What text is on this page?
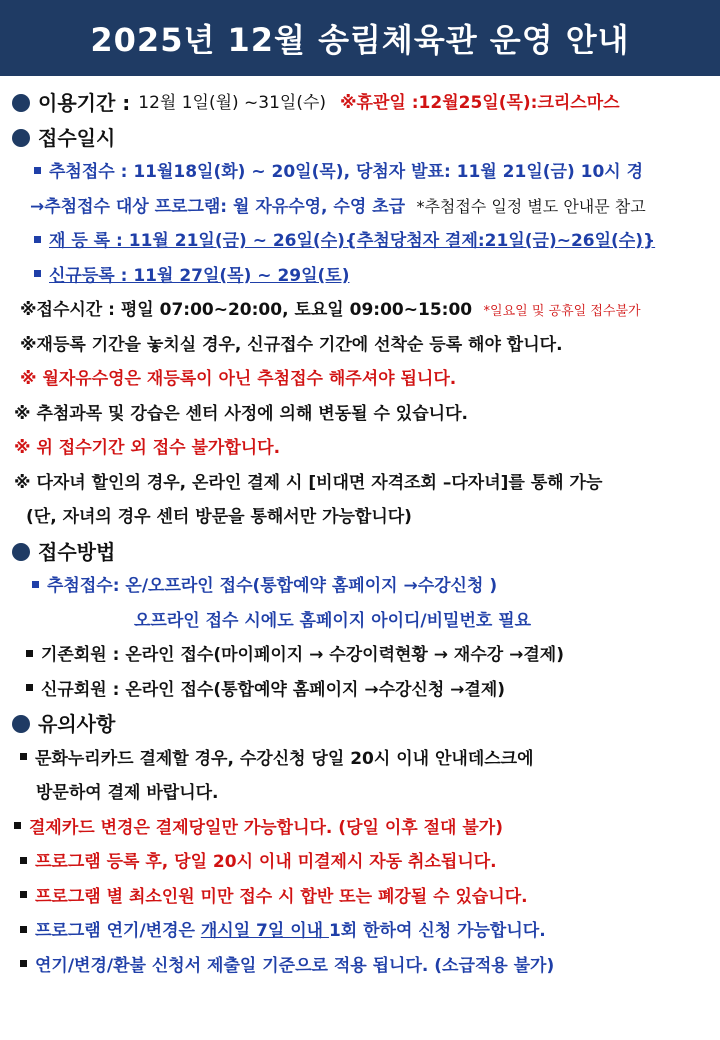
2025년 12월 송림체육관 운영 안내
이용기간 : 12월 1일(월) ~31일(수) ※휴관일 :12월25일(목):크리스마스
접수일시
추첨접수 : 11월18일(화) ~ 20일(목), 당첨자 발표: 11월 21일(금) 10시 경
→추첨접수 대상 프로그램: 월 자유수영, 수영 초급 *추첨접수 일정 별도 안내문 참고
재 등 록 : 11월 21일(금) ~ 26일(수){추첨당첨자 결제:21일(금)~26일(수)}
신규등록 : 11월 27일(목) ~ 29일(토)
※접수시간 : 평일 07:00~20:00, 토요일 09:00~15:00 *일요일 및 공휴일 접수불가
※재등록 기간을 놓치실 경우, 신규접수 기간에 선착순 등록 해야 합니다.
※ 월자유수영은 재등록이 아닌 추첨접수 해주셔야 됩니다.
※ 추첨과목 및 강습은 센터 사정에 의해 변동될 수 있습니다.
※ 위 접수기간 외 접수 불가합니다.
※ 다자녀 할인의 경우, 온라인 결제 시 [비대면 자격조회 –다자녀]를 통해 가능
(단, 자녀의 경우 센터 방문을 통해서만 가능합니다)
접수방법
추첨접수: 온/오프라인 접수(통합예약 홈페이지 →수강신청 )
오프라인 접수 시에도 홈페이지 아이디/비밀번호 필요
기존회원 : 온라인 접수(마이페이지 → 수강이력현황 → 재수강 →결제)
신규회원 : 온라인 접수(통합예약 홈페이지 →수강신청 →결제)
유의사항
문화누리카드 결제할 경우, 수강신청 당일 20시 이내 안내데스크에
방문하여 결제 바랍니다.
결제카드 변경은 결제당일만 가능합니다. (당일 이후 절대 불가)
프로그램 등록 후, 당일 20시 이내 미결제시 자동 취소됩니다.
프로그램 별 최소인원 미만 접수 시 합반 또는 폐강될 수 있습니다.
프로그램 연기/변경은 개시일 7일 이내 1회 한하여 신청 가능합니다.
연기/변경/환불 신청서 제출일 기준으로 적용 됩니다. (소급적용 불가)
